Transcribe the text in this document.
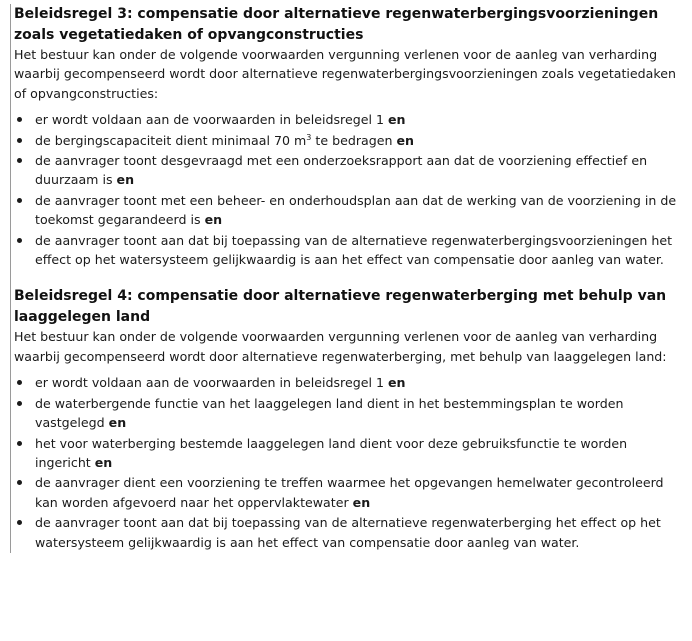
Beleidsregel 3: compensatie door alternatieve regenwaterbergingsvoorzieningen zoals vegetatiedaken of opvangconstructies

Het bestuur kan onder de volgende voorwaarden vergunning verlenen voor de aanleg van verharding waarbij gecompenseerd wordt door alternatieve regenwaterbergingsvoorzieningen zoals vegetatiedaken of opvangconstructies:

er wordt voldaan aan de voorwaarden in beleidsregel 1 en
de bergingscapaciteit dient minimaal 70 $m^3$ te bedragen en
de aanvrager toont desgevraagd met een onderzoeksrapport aan dat de voorziening effectief en duurzaam is en
de aanvrager toont met een beheer- en onderhoudsplan aan dat de werking van de voorziening in de toekomst gegarandeerd is en
de aanvrager toont aan dat bij toepassing van de alternatieve regenwaterbergingsvoorzieningen het effect op het watersysteem gelijkwaardig is aan het effect van compensatie door aanleg van water.
Beleidsregel 4: compensatie door alternatieve regenwaterberging met behulp van laaggelegen land

Het bestuur kan onder de volgende voorwaarden vergunning verlenen voor de aanleg van verharding waarbij gecompenseerd wordt door alternatieve regenwaterberging, met behulp van laaggelegen land:

er wordt voldaan aan de voorwaarden in beleidsregel 1 en
de waterbergende functie van het laaggelegen land dient in het bestemmingsplan te worden vastgelegd en
het voor waterberging bestemde laaggelegen land dient voor deze gebruiksfunctie te worden ingericht en
de aanvrager dient een voorziening te treffen waarmee het opgevangen hemelwater gecontroleerd kan worden afgevoerd naar het oppervlaktewater en
de aanvrager toont aan dat bij toepassing van de alternatieve regenwaterberging het effect op het watersysteem gelijkwaardig is aan het effect van compensatie door aanleg van water.
